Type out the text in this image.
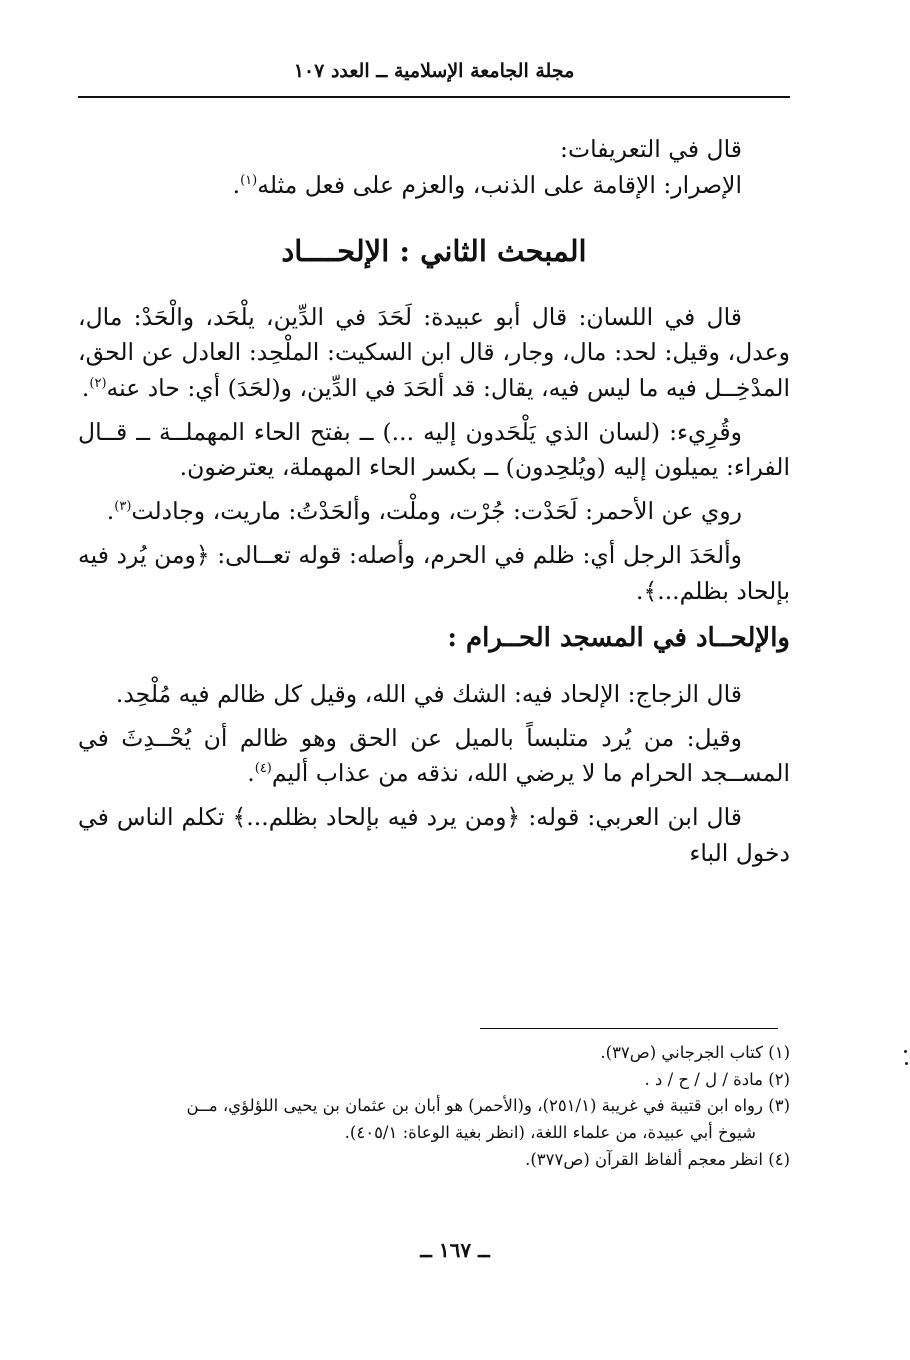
مجلة الجامعة الإسلامية ــ العدد ١٠٧

قال في التعريفات:

الإصرار: الإقامة على الذنب، والعزم على فعل مثله$^{(١)}$.

المبحث الثاني : الإلحــــاد

قال في اللسان: قال أبو عبيدة: لَحَدَ في الدِّين، يلْحَد، والْحَدْ: مال، وعدل، وقيل: لحد: مال، وجار، قال ابن السكيت: الملْحِد: العادل عن الحق، المدْخِــل فيه ما ليس فيه، يقال: قد ألحَدَ في الدِّين، و(لحَدَ) أي: حاد عنه$^{(٢)}$.

وقُرِيء: (لسان الذي يَلْحَدون إليه ...) ــ بفتح الحاء المهملــة ــ قــال الفراء: يميلون إليه (ويُلحِدون) ــ بكسر الحاء المهملة، يعترضون.

روي عن الأحمر: لَحَدْت: جُرْت، وملْت، وألحَدْتُ: ماريت، وجادلت$^{(٣)}$.

وألحَدَ الرجل أي: ظلم في الحرم، وأصله: قوله تعــالى: ﴿ومن يُرد فيه بإلحاد بظلم...﴾.

والإلحــاد في المسجد الحــرام :

قال الزجاج: الإلحاد فيه: الشك في الله، وقيل كل ظالم فيه مُلْحِد.

وقيل: من يُرد متلبساً بالميل عن الحق وهو ظالم أن يُحْــدِثَ في المســجد الحرام ما لا يرضي الله، نذقه من عذاب أليم$^{(٤)}$.

قال ابن العربي: قوله: ﴿ومن يرد فيه بإلحاد بظلم...﴾ تكلم الناس في دخول الباء

(١) كتاب الجرجاني (ص٣٧).

(٢) مادة / ل / ح / د .

(٣) رواه ابن قتيبة في غريبة (٢٥١/١)، و(الأحمر) هو أبان بن عثمان بن يحيى اللؤلؤي، مــن

شيوخ أبي عبيدة، من علماء اللغة، (انظر بغية الوعاة: ٤٠٥/١).

(٤) انظر معجم ألفاظ القرآن (ص٣٧٧).

ــ ١٦٧ ــ
